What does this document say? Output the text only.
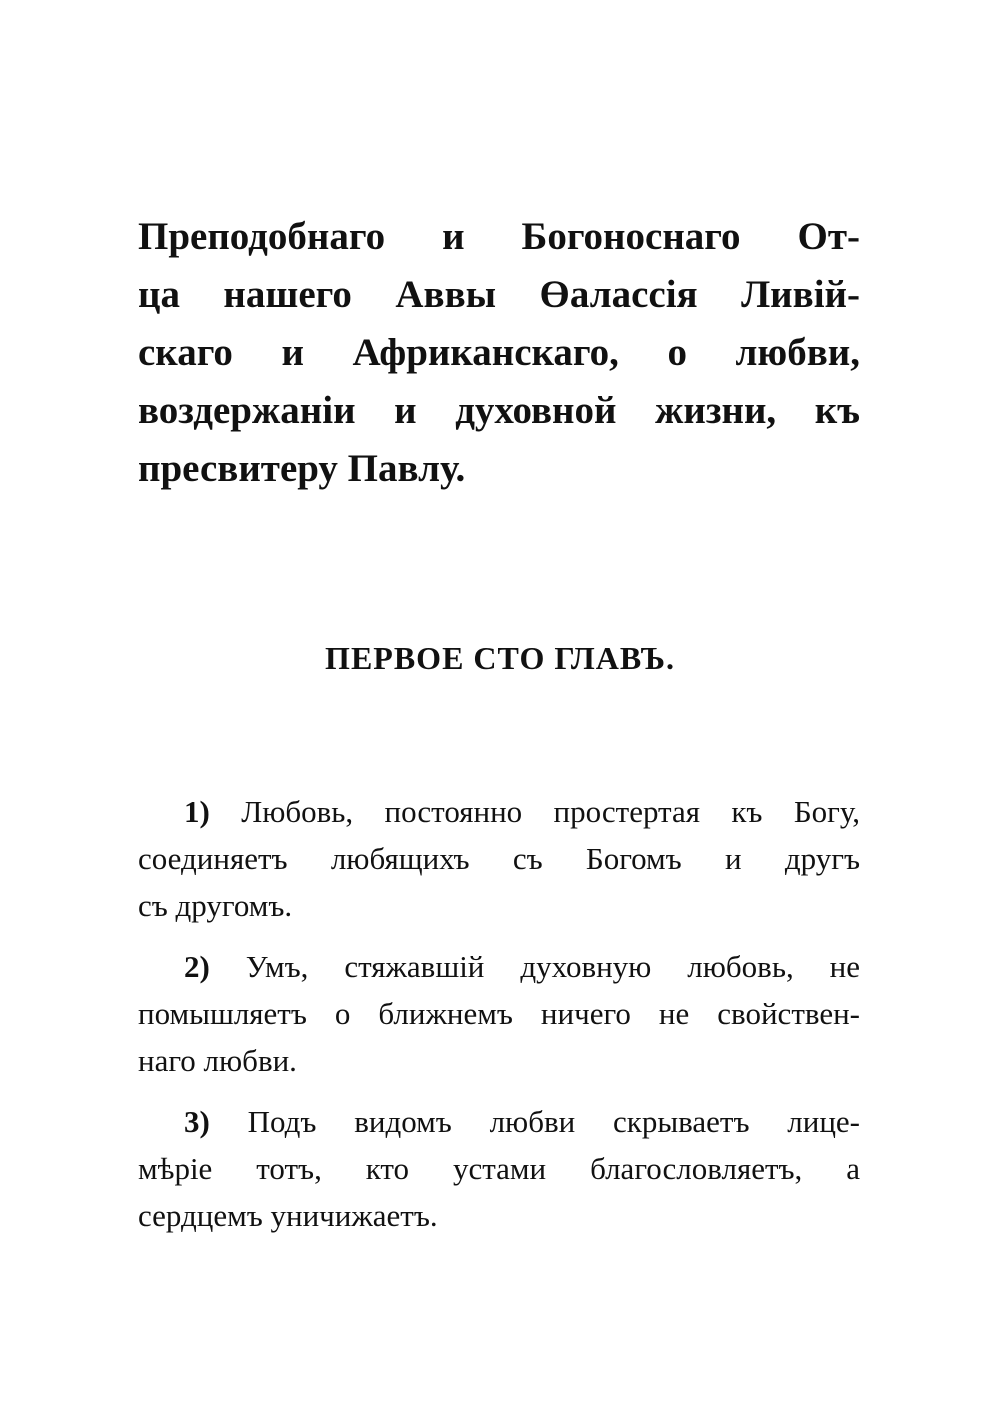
Преподобнаго и Богоноснаго От-
ца нашего Аввы Өалассія Ливій-
скаго и Африканскаго, о любви,
воздержаніи и духовной жизни, къ
пресвитеру Павлу.
ПЕРВОЕ СТО ГЛАВЪ.
1) Любовь, постоянно простертая къ Богу,
соединяетъ любящихъ съ Богомъ и другъ
съ другомъ.
2) Умъ, стяжавшій духовную любовь, не
помышляетъ о ближнемъ ничего не свойствен-
наго любви.
3) Подъ видомъ любви скрываетъ лице-
мѣріе тотъ, кто устами благословляетъ, а
сердцемъ уничижаетъ.
